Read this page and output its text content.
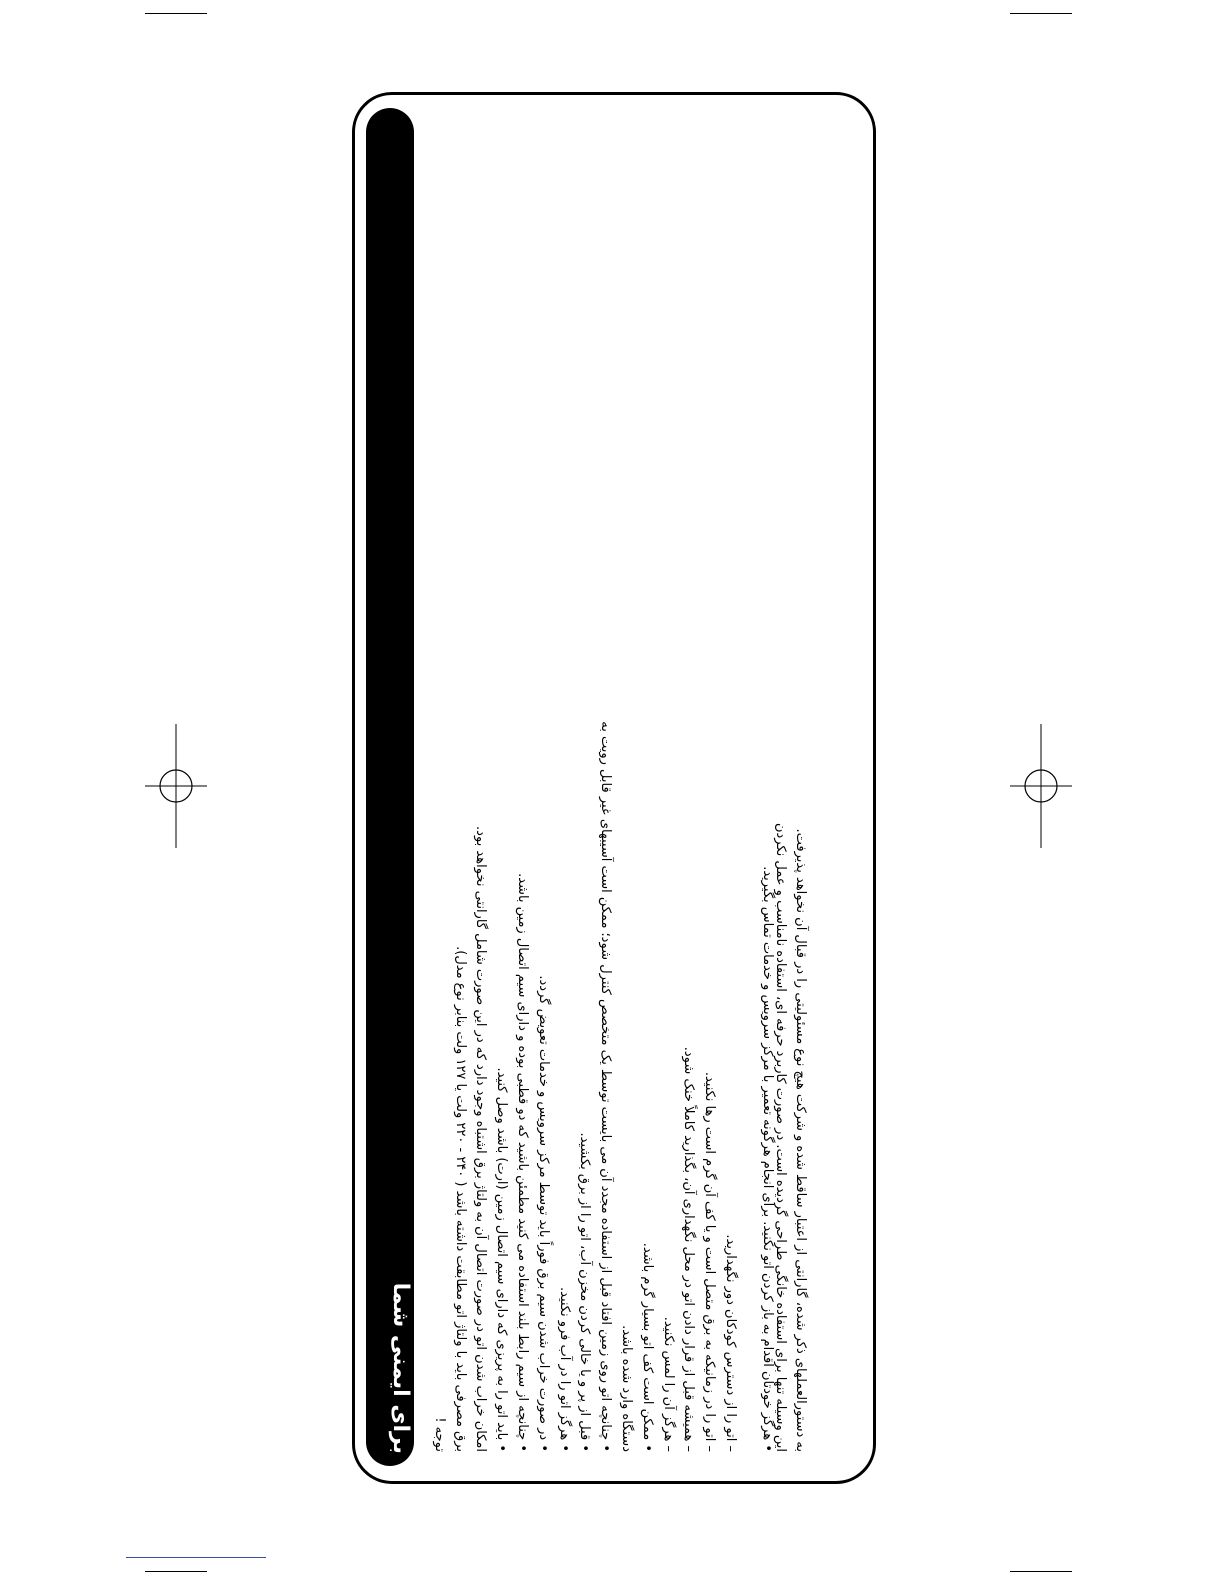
برای ایمنی شما	توجه !
برق مصرفی باید با ولتاژ اتو مطابقت داشته باشد ( ۲۴۰ - ۲۲۰ ولت یا ۱۲۷ ولت بنابر نوع مدل). امکان خراب شدن اتو در صورت اتصال آن به ولتاژ برق اشتباه وجود دارد که در این صورت شامل گارانتی نخواهد بود. • باید اتو را به پریزی که دارای سیم اتصال زمین (ارت) باشد وصل کنید. • چنانچه از سیم رابط بلند استفاده می کنید مطمئن باشید که دو قطبی بوده و دارای سیم اتصال زمین باشد. • در صورت خراب شدن سیم برق فوراً باید توسط مرکز سرویس و خدمات تعویض گردد. • هرگز اتو را در آب فرو نکنید. • قبل از پر و یا خالی کردن مخزن آب، اتو را از برق بکشید. • چنانچه اتو روی زمین افتاد قبل از استفاده مجدد آن می بایست توسط یک متخصص کنترل شود؛ ممکن است آسیبهای غیر قابل رویت به دستگاه وارد شده باشد. • ممکن است کف اتو بسیار گرم باشد. – هرگز آن را لمس نکنید. – همیشه قبل از قرار دادن اتو در محل نگهداری آن، بگذارید کاملاً خنک شود. – اتو را در زمانیکه به برق متصل است و یا کف آن گرم است رها نکنید. – اتو را از دسترس کودکان دور نگهدارید. • هرگز خودتان اقدام به باز کردن اتو نکنید. برای انجام هرگونه تعمیر با مرکز سرویس و خدمات تماس بگیرید.
این وسیله تنها برای استفاده خانگی طراحی گردیده است. در صورت کاربرد حرفه ای، استفاده نامناسب و عمل نکردن به دستورالعملهای ذکر شده، گارانتی از اعتبار ساقط شده و شرکت هیچ نوع مسئولیتی را در قبال آن نخواهد پذیرفت.
